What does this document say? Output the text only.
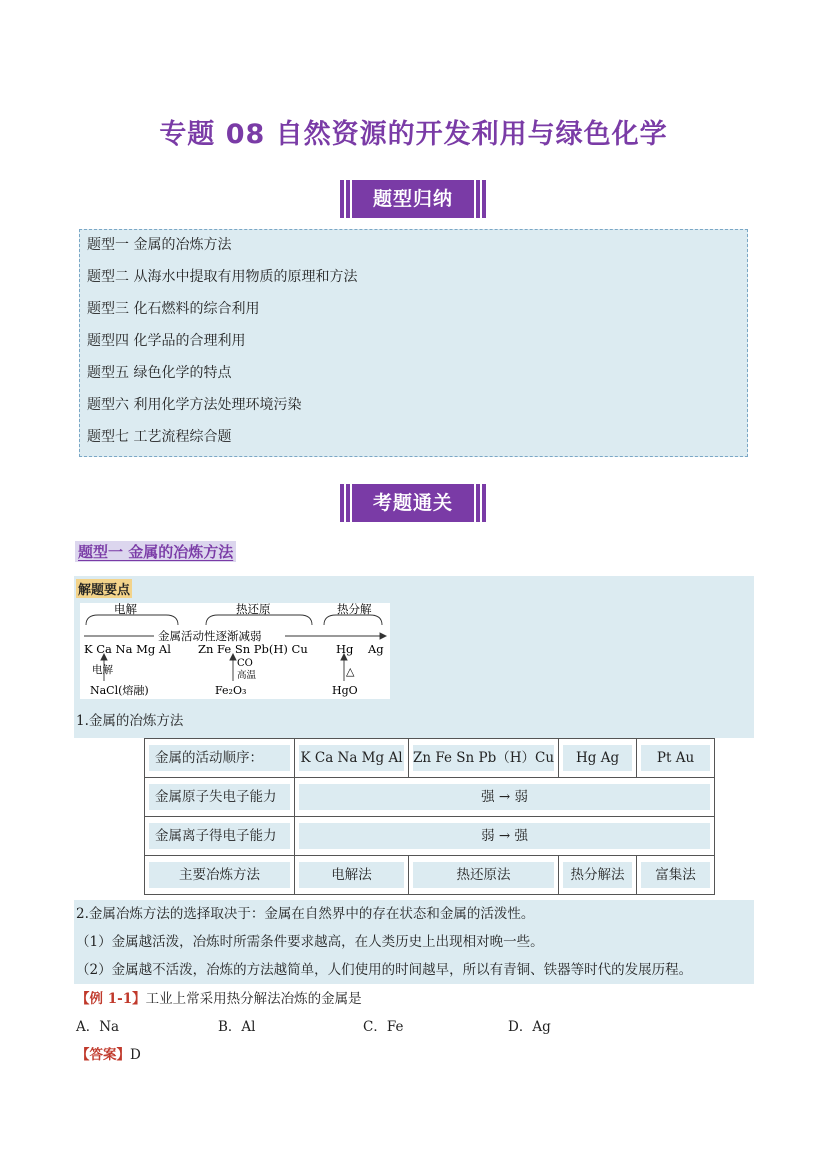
专题 08 自然资源的开发利用与绿色化学
题型归纳
题型一 金属的冶炼方法
题型二 从海水中提取有用物质的原理和方法
题型三 化石燃料的综合利用
题型四 化学品的合理利用
题型五 绿色化学的特点
题型六 利用化学方法处理环境污染
题型七 工艺流程综合题
考题通关
题型一 金属的冶炼方法
解题要点
电解	热还原	热分解
金属活动性逐渐减弱
K Ca Na Mg Al Zn Fe Sn Pb(H) Cu Hg Ag
电解
NaCl(熔融)
CO
高温
Fe₂O₃
△
HgO
1.金属的冶炼方法
金属的活动顺序：	K Ca Na Mg Al	Zn Fe Sn Pb（H）Cu	Hg Ag	Pt Au

金属原子失电子能力	强 → 弱			

金属离子得电子能力	弱 → 强			

主要冶炼方法	电解法	热还原法	热分解法	富集法
2.金属冶炼方法的选择取决于：金属在自然界中的存在状态和金属的活泼性。
（1）金属越活泼，冶炼时所需条件要求越高，在人类历史上出现相对晚一些。
（2）金属越不活泼，冶炼的方法越简单，人们使用的时间越早，所以有青铜、铁器等时代的发展历程。
【例 1-1】工业上常采用热分解法冶炼的金属是
A．Na	B．Al	C．Fe	D．Ag
【答案】D
